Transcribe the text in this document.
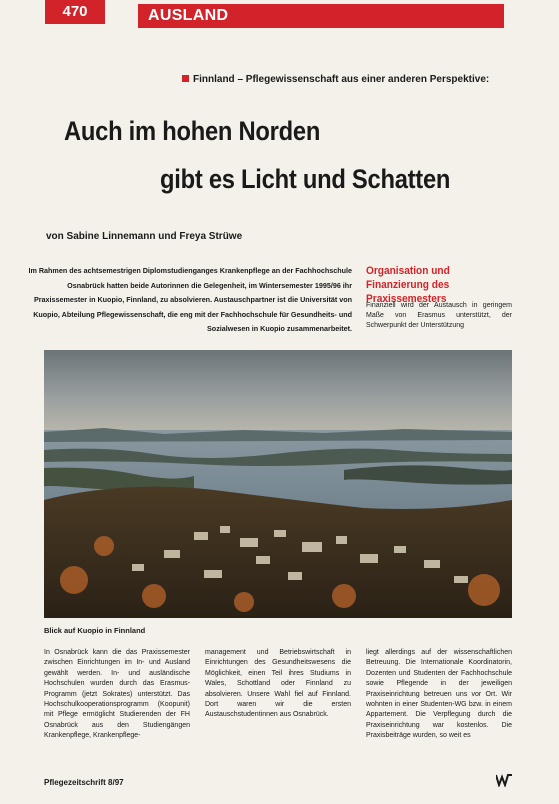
470	AUSLAND
Finnland – Pflegewissenschaft aus einer anderen Perspektive:
Auch im hohen Norden
gibt es Licht und Schatten
von Sabine Linnemann und Freya Strüwe

Im Rahmen des achtsemestrigen Diplomstudienganges Krankenpflege an der Fachhochschule Osnabrück hatten beide Autorinnen die Gelegenheit, im Wintersemester 1995/96 ihr Praxissemester in Kuopio, Finnland, zu absolvieren. Austauschpartner ist die Universität von Kuopio, Abteilung Pflegewissenschaft, die eng mit der Fachhochschule für Gesundheits- und Sozialwesen in Kuopio zusammenarbeitet.

Organisation und Finanzierung des Praxissemesters

Finanziell wird der Austausch in geringem Maße von Erasmus unterstützt, der Schwerpunkt der Unterstützung

Blick auf Kuopio in Finnland

In Osnabrück kann die das Praxissemester zwischen Einrichtungen im In- und Ausland gewählt werden. In- und ausländische Hochschulen wurden durch das Erasmus-Programm (jetzt Sokrates) unterstützt. Das Hochschulkooperationsprogramm (Koopunit) mit Pflege ermöglicht Studierenden der FH Osnabrück aus den Studiengängen Krankenpflege, Krankenpflege-

management und Betriebswirtschaft in Einrichtungen des Gesundheitswesens die Möglichkeit, einen Teil ihres Studiums in Wales, Schottland oder Finnland zu absolvieren. Unsere Wahl fiel auf Finnland. Dort waren wir die ersten Austauschstudentinnen aus Osnabrück.

liegt allerdings auf der wissenschaftlichen Betreuung. Die Internationale Koordinatorin, Dozenten und Studenten der Fachhochschule sowie Pflegende in der jeweiligen Praxiseinrichtung betreuen uns vor Ort. Wir wohnten in einer Studenten-WG bzw. in einem Appartement. Die Verpflegung durch die Praxiseinrichtung war kostenlos. Die Praxisbeiträge wurden, so weit es

Pflegezeitschrift 8/97
